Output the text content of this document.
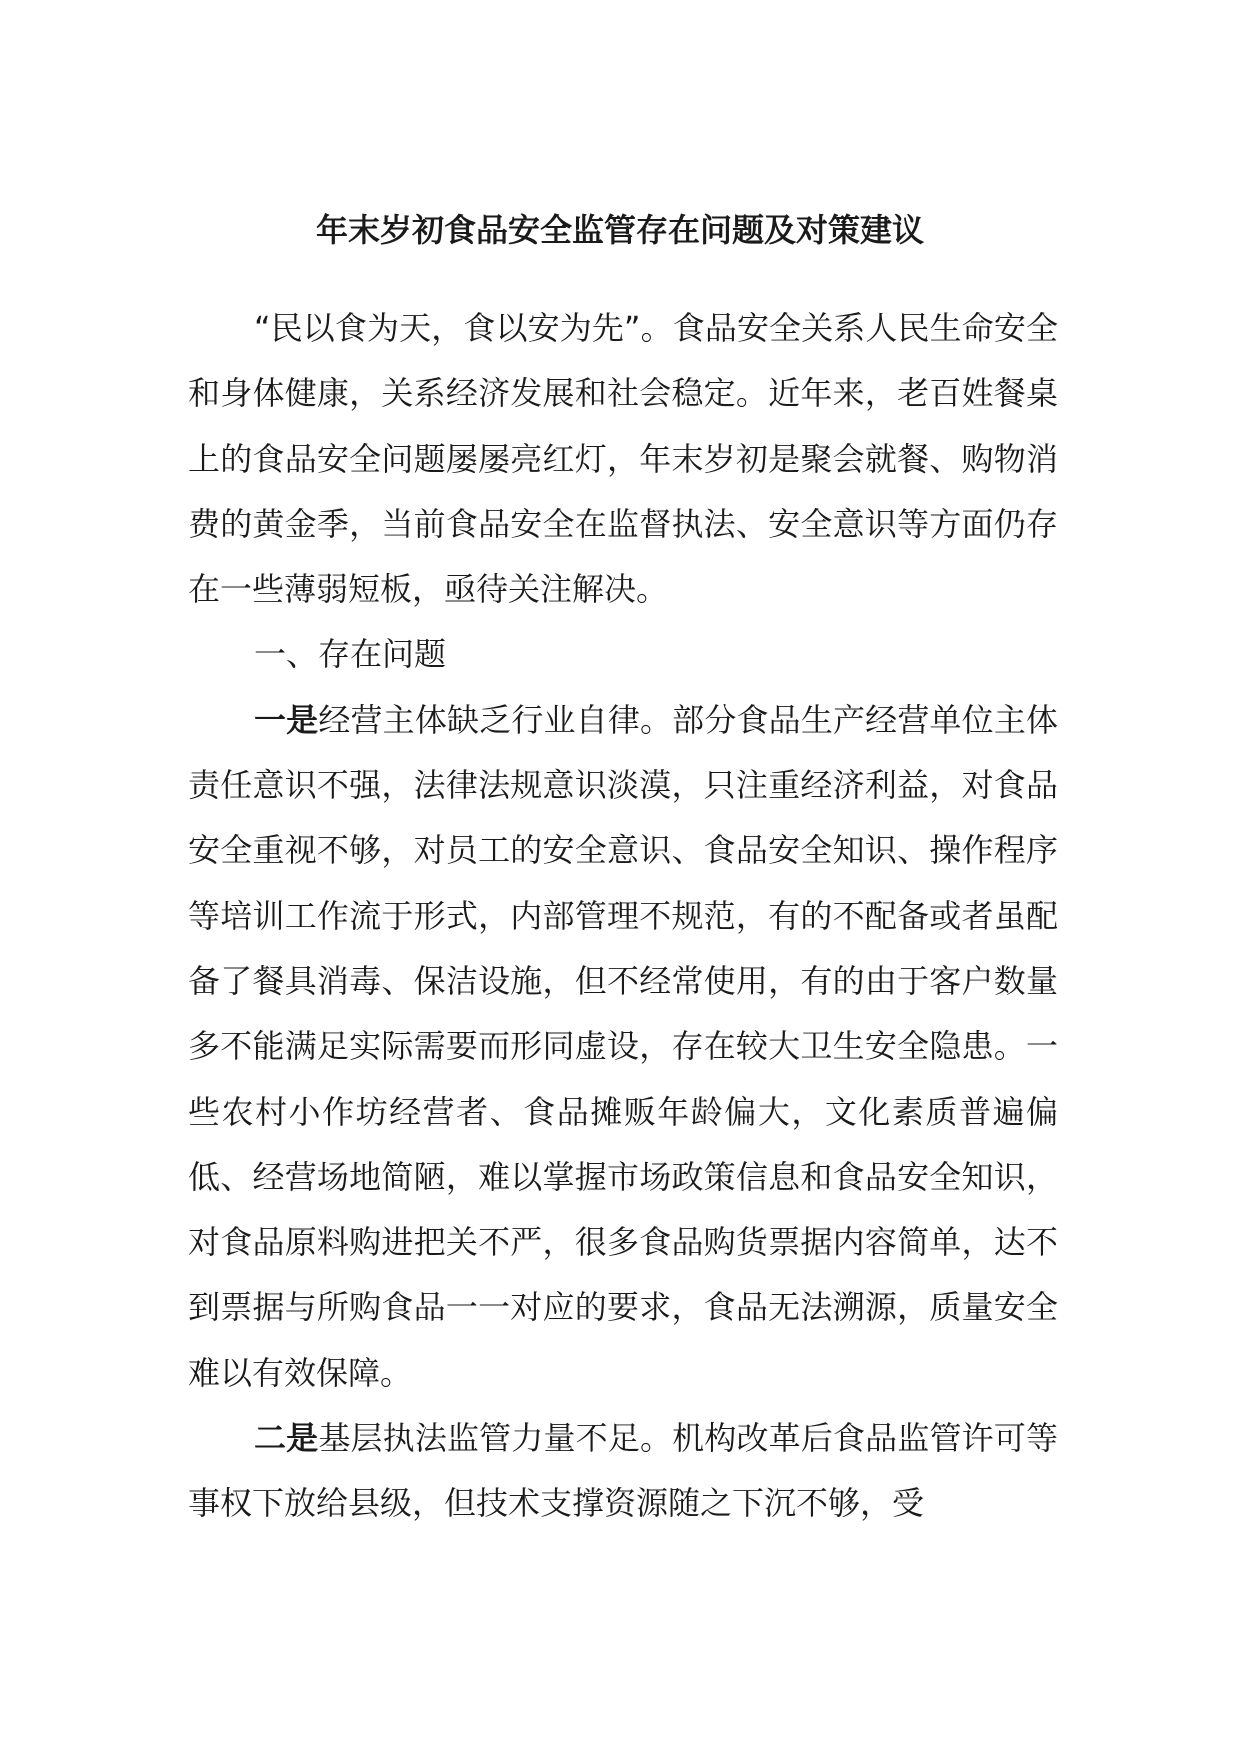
年末岁初食品安全监管存在问题及对策建议

“民以食为天，食以安为先”。食品安全关系人民生命安全和身体健康，关系经济发展和社会稳定。近年来，老百姓餐桌上的食品安全问题屡屡亮红灯，年末岁初是聚会就餐、购物消费的黄金季，当前食品安全在监督执法、安全意识等方面仍存在一些薄弱短板，亟待关注解决。

一、存在问题

一是经营主体缺乏行业自律。部分食品生产经营单位主体责任意识不强，法律法规意识淡漠，只注重经济利益，对食品安全重视不够，对员工的安全意识、食品安全知识、操作程序等培训工作流于形式，内部管理不规范，有的不配备或者虽配备了餐具消毒、保洁设施，但不经常使用，有的由于客户数量多不能满足实际需要而形同虚设，存在较大卫生安全隐患。一些农村小作坊经营者、食品摊贩年龄偏大，文化素质普遍偏低、经营场地简陋，难以掌握市场政策信息和食品安全知识，对食品原料购进把关不严，很多食品购货票据内容简单，达不到票据与所购食品一一对应的要求，食品无法溯源，质量安全难以有效保障。

二是基层执法监管力量不足。机构改革后食品监管许可等事权下放给县级，但技术支撑资源随之下沉不够，受
